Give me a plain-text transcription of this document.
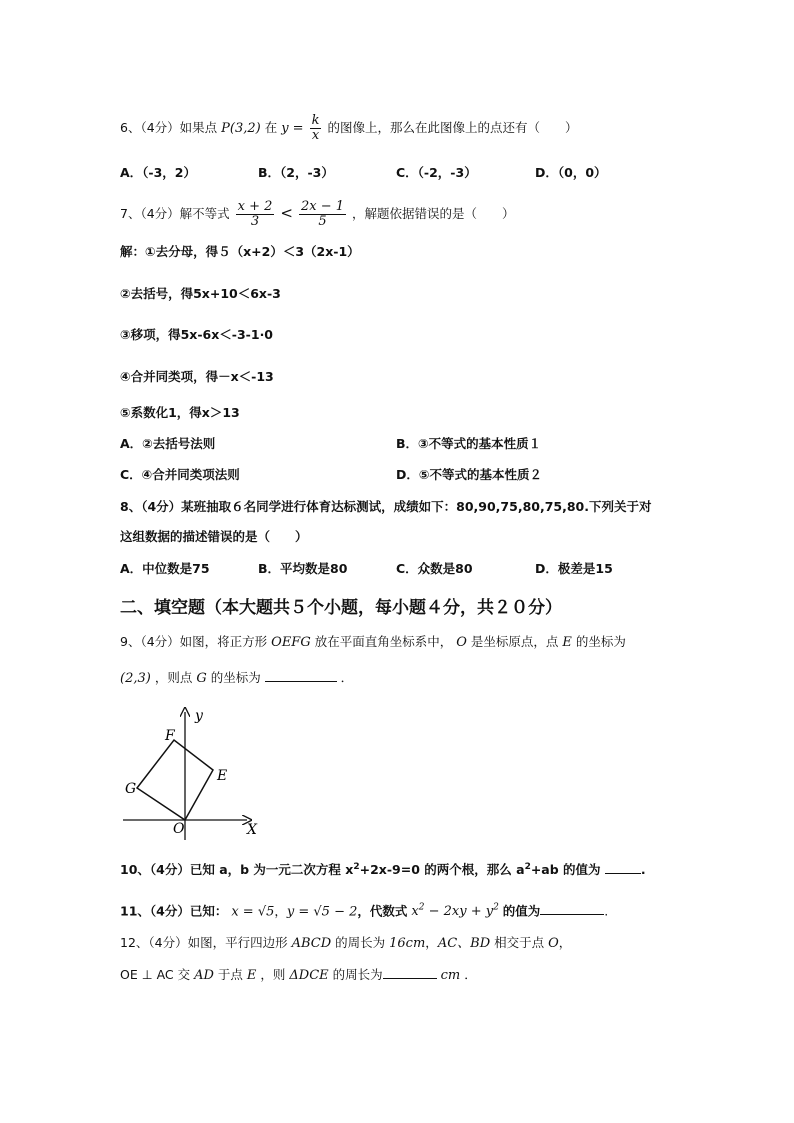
6、（4分）如果点 P(3,2) 在 $y = \frac{k}{x}$ 的图像上，那么在此图像上的点还有（　　）
A．（-3，2）	B．（2，-3）	C．（-2，-3）	D．（0，0）
7、（4分）解不等式 $\frac{x + 2}{3} < \frac{2x - 1}{5}$ ，解题依据错误的是（　　）
解：①去分母，得５（x+2）＜3（2x-1）
②去括号，得5x+10＜6x-3
③移项，得5x-6x＜-3-1·0
④合并同类项，得－x＜-13
⑤系数化1，得x＞13
A．②去括号法则	B．③不等式的基本性质１
C．④合并同类项法则	D．⑤不等式的基本性质２
8、（4分）某班抽取６名同学进行体育达标测试，成绩如下：80,90,75,80,75,80.下列关于对
这组数据的描述错误的是（　　）
A．中位数是75	B．平均数是80	C．众数是80	D．极差是15
二、填空题（本大题共５个小题，每小题４分，共２０分）
9、（4分）如图，将正方形 OEFG 放在平面直角坐标系中， O 是坐标原点，点 E 的坐标为
(2,3) ，则点 G 的坐标为	．
y
X
O
E
F
G
10、（4分）已知 a，b 为一元二次方程 $x^2+2x-9=0$ 的两个根，那么 $a^2+ab$ 的值为	.
11、（4分）已知： x = √5，y = √5 − 2，代数式 $x^2 - 2xy + y^2$ 的值为	.
12、（4分）如图，平行四边形 ABCD 的周长为 16cm，AC、BD 相交于点 O，
OE ⊥ AC 交 AD 于点 E ，则 ΔDCE 的周长为	cm ．
